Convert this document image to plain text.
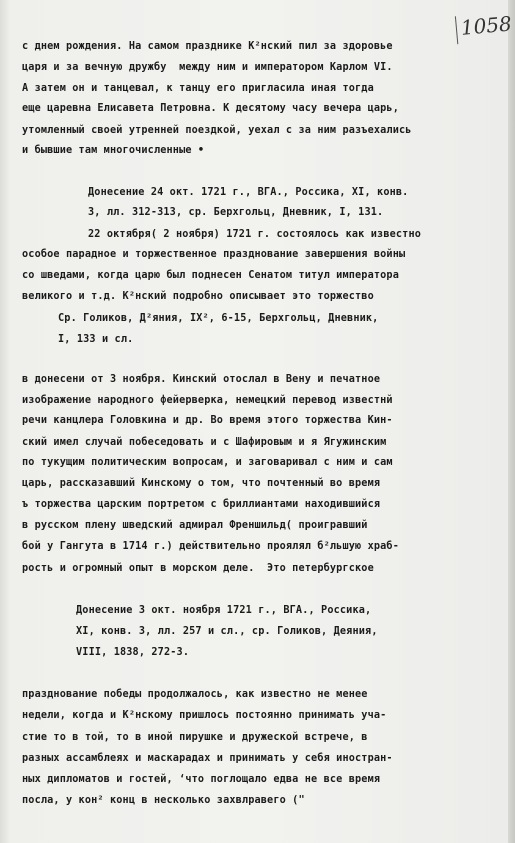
1058
с днем рождения. На самом празднике К²нский пил за здоровье
царя и за вечную дружбу  между ним и императором Карлом VI.
А затем он и танцевал, к танцу его пригласила иная тогда
еще царевна Елисавета Петровна. К десятому часу вечера царь,
утомленный своей утренней поездкой, уехал с за ним разъехались
и бывшие там многочисленные •
Донесение 24 окт. 1721 г., ВГА., Россика, XI, конв.
3, лл. 312-313, ср. Берхгольц, Дневник, I, 131.
22 октября( 2 ноября) 1721 г. состоялось как известно
особое парадное и торжественное празднование завершения войны
со шведами, когда царю был поднесен Сенатом титул императора
великого и т.д. К²нский подробно описывает это торжество
Ср. Голиков, Д²яния, IX², 6-15, Берхгольц, Дневник,
I, 133 и сл.
в донесени от 3 ноября. Кинский отослал в Вену и печатное
изображение народного фейерверка, немецкий перевод известнй
речи канцлера Головкина и др. Во время этого торжества Кин-
ский имел случай побеседовать и с Шафировым и я Ягужинским
по тукущим политическим вопросам, и заговаривал с ним и сам
царь, рассказавший Кинскому о том, что почтенный во время
ъ торжества царским портретом с бриллиантами находившийся
в русском плену шведский адмирал Френшильд( проигравший
бой у Гангута в 1714 г.) действительно проялял б²льшую храб-
рость и огромный опыт в морском деле.  Это петербургское
Донесение 3 окт. ноября 1721 г., ВГА., Россика,
XI, конв. 3, лл. 257 и сл., ср. Голиков, Деяния,
VIII, 1838, 272-3.
празднование победы продолжалось, как известно не менее
недели, когда и К²нскому пришлось постоянно принимать уча-
стие то в той, то в иной пирушке и дружеской встрече, в
разных ассамблеях и маскарадах и принимать у себя иностран-
ных дипломатов и гостей, ‘что поглощало едва не все время
посла, у кон² конц в несколько захвлравего ("
